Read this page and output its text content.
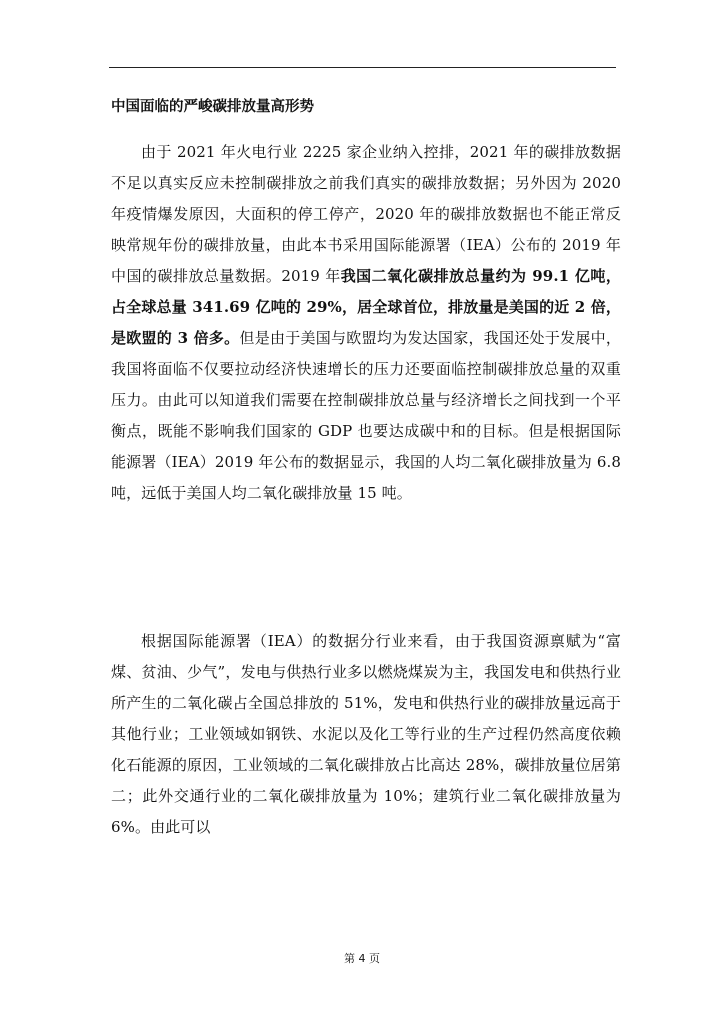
中国面临的严峻碳排放量高形势

由于 2021 年火电行业 2225 家企业纳入控排，2021 年的碳排放数据不足以真实反应未控制碳排放之前我们真实的碳排放数据；另外因为 2020 年疫情爆发原因，大面积的停工停产，2020 年的碳排放数据也不能正常反映常规年份的碳排放量，由此本书采用国际能源署（IEA）公布的 2019 年中国的碳排放总量数据。2019 年我国二氧化碳排放总量约为 99.1 亿吨，占全球总量 341.69 亿吨的 29%，居全球首位，排放量是美国的近 2 倍，是欧盟的 3 倍多。但是由于美国与欧盟均为发达国家，我国还处于发展中，我国将面临不仅要拉动经济快速增长的压力还要面临控制碳排放总量的双重压力。由此可以知道我们需要在控制碳排放总量与经济增长之间找到一个平衡点，既能不影响我们国家的 GDP 也要达成碳中和的目标。但是根据国际能源署（IEA）2019 年公布的数据显示，我国的人均二氧化碳排放量为 6.8 吨，远低于美国人均二氧化碳排放量 15 吨。

根据国际能源署（IEA）的数据分行业来看，由于我国资源禀赋为“富煤、贫油、少气”，发电与供热行业多以燃烧煤炭为主，我国发电和供热行业所产生的二氧化碳占全国总排放的 51%，发电和供热行业的碳排放量远高于其他行业；工业领域如钢铁、水泥以及化工等行业的生产过程仍然高度依赖化石能源的原因，工业领域的二氧化碳排放占比高达 28%，碳排放量位居第二；此外交通行业的二氧化碳排放量为 10%；建筑行业二氧化碳排放量为 6%。由此可以

第 4 页
